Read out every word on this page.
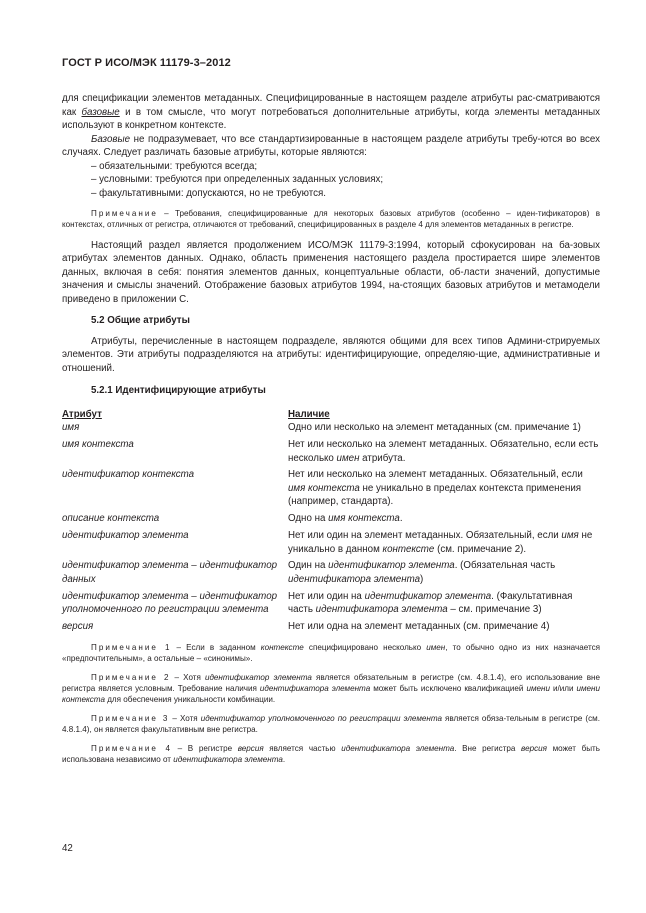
ГОСТ Р ИСО/МЭК 11179-3–2012

для спецификации элементов метаданных. Специфицированные в настоящем разделе атрибуты рас-сматриваются как базовые и в том смысле, что могут потребоваться дополнительные атрибуты, когда элементы метаданных используют в конкретном контексте.

Базовые не подразумевает, что все стандартизированные в настоящем разделе атрибуты требу-ются во всех случаях. Следует различать базовые атрибуты, которые являются:

– обязательными: требуются всегда;

– условными: требуются при определенных заданных условиях;

– факультативными: допускаются, но не требуются.

Примечание – Требования, специфицированные для некоторых базовых атрибутов (особенно – иден-тификаторов) в контекстах, отличных от регистра, отличаются от требований, специфицированных в разделе 4 для элементов метаданных в регистре.

Настоящий раздел является продолжением ИСО/МЭК 11179-3:1994, который сфокусирован на ба-зовых атрибутах элементов данных. Однако, область применения настоящего раздела простирается шире элементов данных, включая в себя: понятия элементов данных, концептуальные области, об-ласти значений, допустимые значения и смыслы значений. Отображение базовых атрибутов 1994, на-стоящих базовых атрибутов и метамодели приведено в приложении С.

5.2 Общие атрибуты

Атрибуты, перечисленные в настоящем подразделе, являются общими для всех типов Админи-стрируемых элементов. Эти атрибуты подразделяются на атрибуты: идентифицирующие, определяю-щие, административные и отношений.

5.2.1 Идентифицирующие атрибуты

Атрибут	Наличие
имя	Одно или несколько на элемент метаданных (см. примечание 1)
имя контекста	Нет или несколько на элемент метаданных. Обязательно, если есть несколько имен атрибута.
идентификатор контекста	Нет или несколько на элемент метаданных. Обязательный, если имя контекста не уникально в пределах контекста применения (например, стандарта).
описание контекста	Одно на имя контекста.
идентификатор элемента	Нет или один на элемент метаданных. Обязательный, если имя не уникально в данном контексте (см. примечание 2).
идентификатор элемента – идентификатор данных	Один на идентификатор элемента. (Обязательная часть идентификатора элемента)
идентификатор элемента – идентификатор уполномоченного по регистрации элемента	Нет или один на идентификатор элемента. (Факультативная часть идентификатора элемента – см. примечание 3)
версия	Нет или одна на элемент метаданных (см. примечание 4)

Примечание 1 – Если в заданном контексте специфицировано несколько имен, то обычно одно из них назначается «предпочтительным», а остальные – «синонимы».

Примечание 2 – Хотя идентификатор элемента является обязательным в регистре (см. 4.8.1.4), его использование вне регистра является условным. Требование наличия идентификатора элемента может быть исключено квалификацией имени и/или имени контекста для обеспечения уникальности комбинации.

Примечание 3 – Хотя идентификатор уполномоченного по регистрации элемента является обяза-тельным в регистре (см. 4.8.1.4), он является факультативным вне регистра.

Примечание 4 – В регистре версия является частью идентификатора элемента. Вне регистра версия может быть использована независимо от идентификатора элемента.

42
